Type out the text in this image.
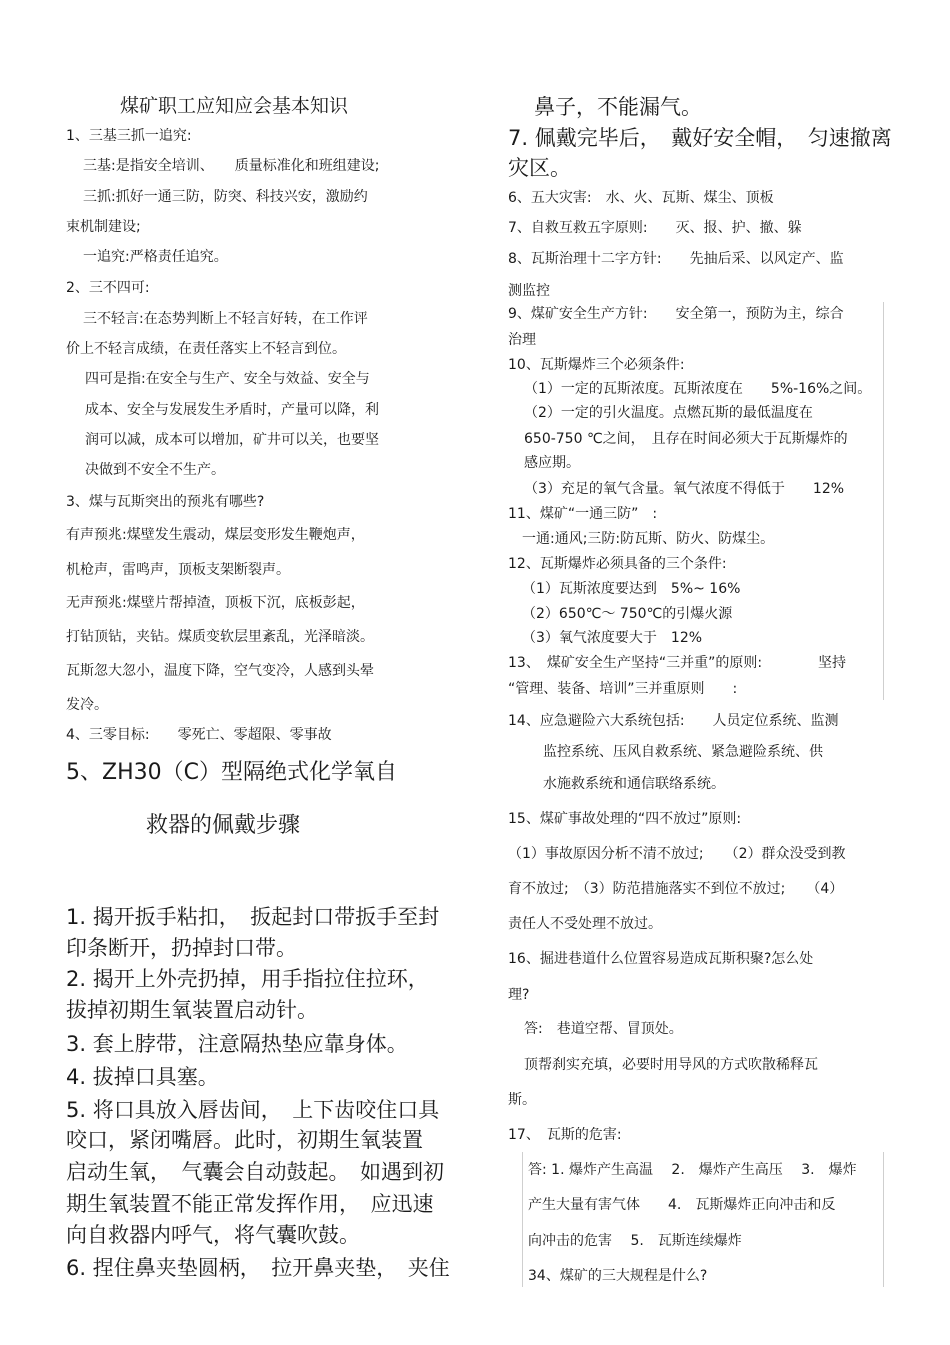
煤矿职工应知应会基本知识
1、三基三抓一追究:
三基:是指安全培训、　　质量标准化和班组建设;
三抓:抓好一通三防，防突、科技兴安，激励约
束机制建设;
一追究:严格责任追究。
2、三不四可:
三不轻言:在态势判断上不轻言好转，在工作评
价上不轻言成绩，在责任落实上不轻言到位。
四可是指:在安全与生产、安全与效益、安全与
成本、安全与发展发生矛盾时，产量可以降，利
润可以减，成本可以增加，矿井可以关，也要坚
决做到不安全不生产。
3、煤与瓦斯突出的预兆有哪些?
有声预兆:煤壁发生震动，煤层变形发生鞭炮声，
机枪声，雷鸣声，顶板支架断裂声。
无声预兆:煤壁片帮掉渣，顶板下沉，底板彭起，
打钻顶钻，夹钻。煤质变软层里紊乱，光泽暗淡。
瓦斯忽大忽小，温度下降，空气变冷，人感到头晕
发冷。
4、三零目标:　　零死亡、零超限、零事故
5、ZH30（C）型隔绝式化学氧自
救器的佩戴步骤
1. 揭开扳手粘扣，　扳起封口带扳手至封
印条断开，扔掉封口带。
2. 揭开上外壳扔掉，用手指拉住拉环，
拔掉初期生氧装置启动针。
3. 套上脖带，注意隔热垫应靠身体。
4. 拔掉口具塞。
5. 将口具放入唇齿间，　上下齿咬住口具
咬口，紧闭嘴唇。此时，初期生氧装置
启动生氧，　气囊会自动鼓起。　如遇到初
期生氧装置不能正常发挥作用，　应迅速
向自救器内呼气，将气囊吹鼓。
6. 捏住鼻夹垫圆柄，　拉开鼻夹垫，　夹住
鼻子，不能漏气。
7. 佩戴完毕后，　戴好安全帽，　匀速撤离
灾区。
6、五大灾害:　水、火、瓦斯、煤尘、顶板
7、自救互救五字原则:　　灭、报、护、撤、躲
8、瓦斯治理十二字方针:　　先抽后采、以风定产、监
测监控
9、煤矿安全生产方针:　　安全第一，预防为主，综合
治理
10、瓦斯爆炸三个必须条件:
（1）一定的瓦斯浓度。瓦斯浓度在　　5%-16%之间。
（2）一定的引火温度。点燃瓦斯的最低温度在
650-750 ℃之间，　且存在时间必须大于瓦斯爆炸的
感应期。
（3）充足的氧气含量。氧气浓度不得低于　　12%
11、煤矿“一通三防”　:
一通:通风;三防:防瓦斯、防火、防煤尘。
12、瓦斯爆炸必须具备的三个条件:
（1）瓦斯浓度要达到　5%~ 16%
（2）650℃～ 750℃的引爆火源
（3）氧气浓度要大于　12%
13、　煤矿安全生产坚持“三并重”的原则:　　　　坚持
“管理、装备、培训”三并重原则　　:
14、应急避险六大系统包括:　　人员定位系统、监测
监控系统、压风自救系统、紧急避险系统、供
水施救系统和通信联络系统。
15、煤矿事故处理的“四不放过”原则:
（1）事故原因分析不清不放过;　　（2）群众没受到教
育不放过;　（3）防范措施落实不到位不放过;　　（4）
责任人不受处理不放过。
16、掘进巷道什么位置容易造成瓦斯积聚?怎么处
理?
答:　巷道空帮、冒顶处。
顶帮刹实充填，必要时用导风的方式吹散稀释瓦
斯。
17、　瓦斯的危害:
答: 1. 爆炸产生高温　 2.　爆炸产生高压　 3.　爆炸
产生大量有害气体　　4.　瓦斯爆炸正向冲击和反
向冲击的危害　 5.　瓦斯连续爆炸
34、煤矿的三大规程是什么?
